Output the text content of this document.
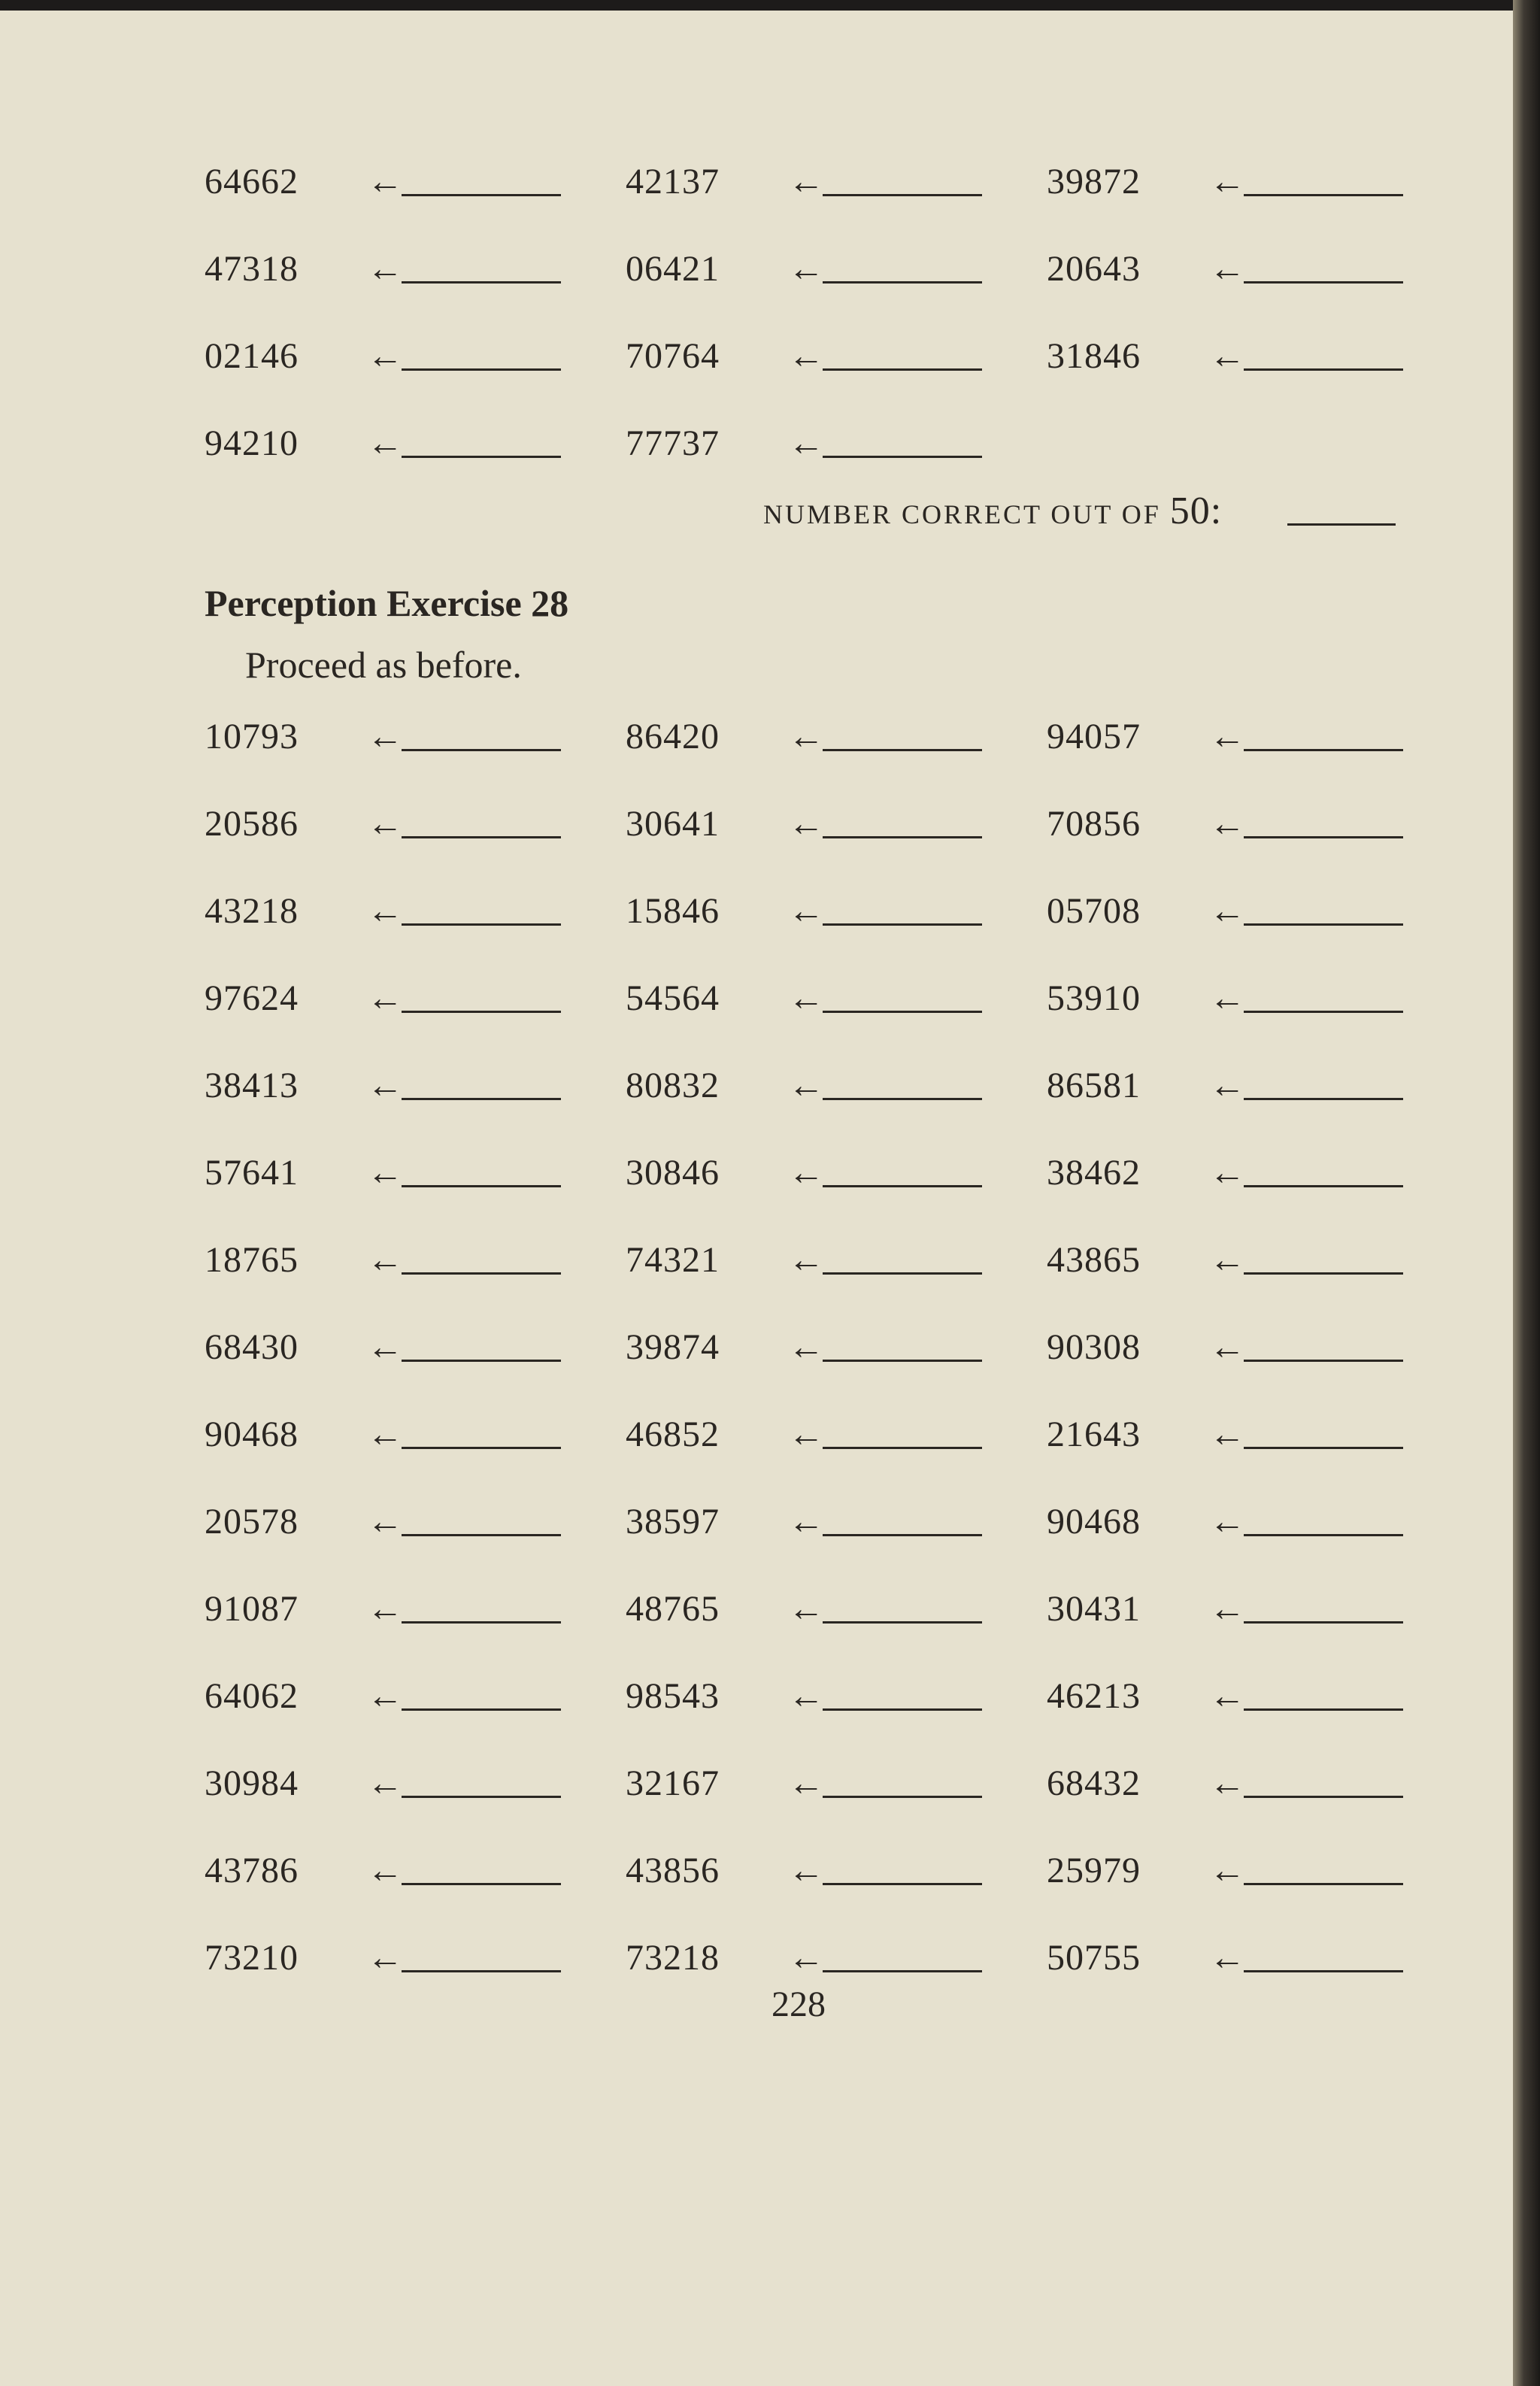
64662 ←	42137 ←	39872 ←
47318 ←	06421 ←	20643 ←
02146 ←	70764 ←	31846 ←
94210 ←	77737 ←
NUMBER CORRECT OUT OF 50:
Perception Exercise 28
Proceed as before.
10793 ←	86420 ←	94057 ←
20586 ←	30641 ←	70856 ←
43218 ←	15846 ←	05708 ←
97624 ←	54564 ←	53910 ←
38413 ←	80832 ←	86581 ←
57641 ←	30846 ←	38462 ←
18765 ←	74321 ←	43865 ←
68430 ←	39874 ←	90308 ←
90468 ←	46852 ←	21643 ←
20578 ←	38597 ←	90468 ←
91087 ←	48765 ←	30431 ←
64062 ←	98543 ←	46213 ←
30984 ←	32167 ←	68432 ←
43786 ←	43856 ←	25979 ←
73210 ←	73218 ←	50755 ←
228
